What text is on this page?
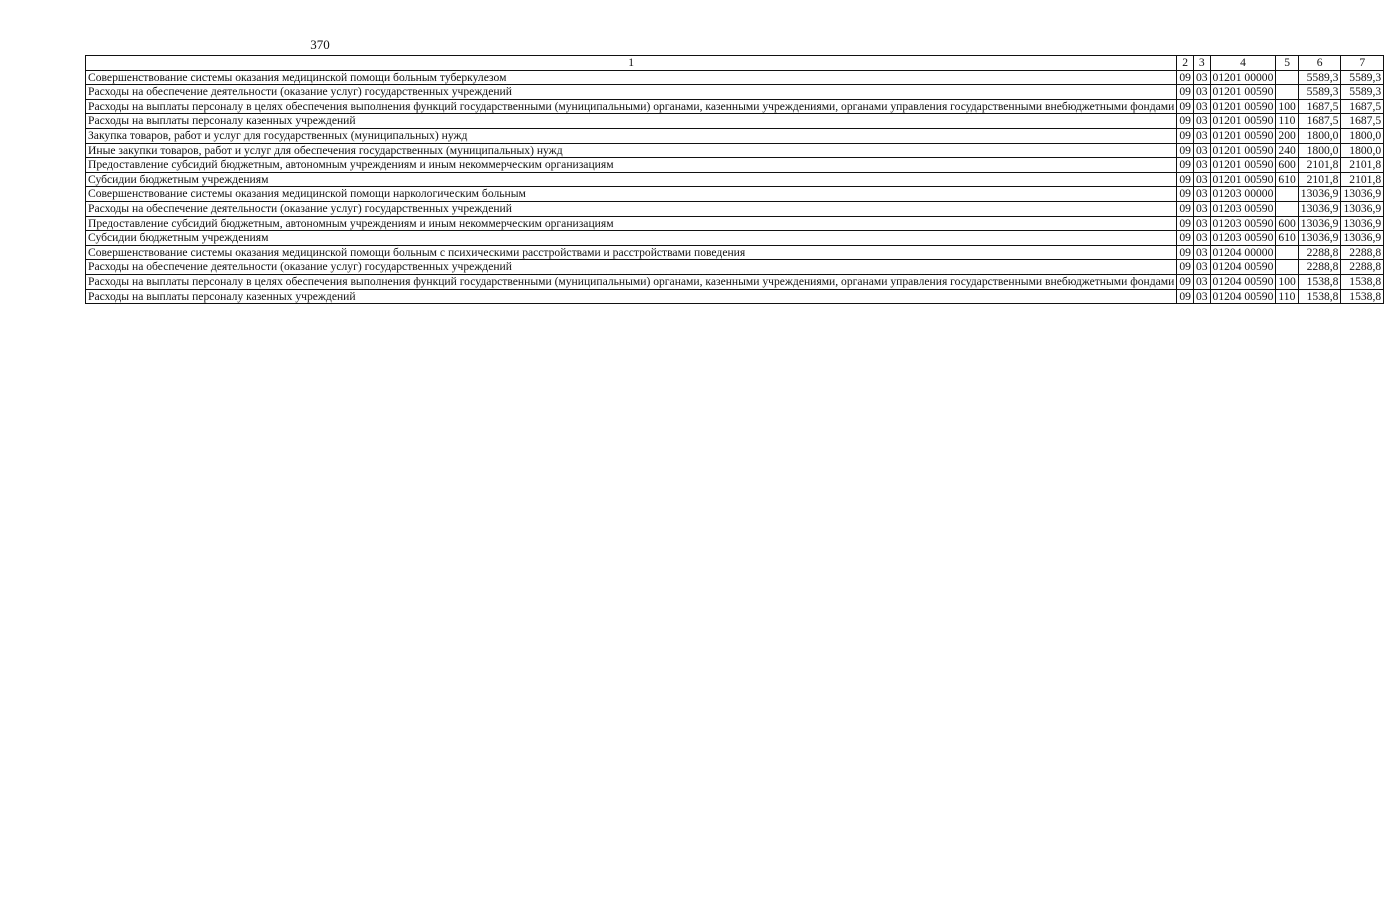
370
1	2	3	4	5	6	7
Совершенствование системы оказания медицинской помощи больным туберкулезом	09	03	01201 00000		5589,3	5589,3
Расходы на обеспечение деятельности (оказание услуг) государственных учреждений	09	03	01201 00590		5589,3	5589,3
Расходы на выплаты персоналу в целях обеспечения выполнения функций государственными (муниципальными) органами, казенными учреждениями, органами управления государственными внебюджетными фондами	09	03	01201 00590	100	1687,5	1687,5
Расходы на выплаты персоналу казенных учреждений	09	03	01201 00590	110	1687,5	1687,5
Закупка товаров, работ и услуг для государственных (муниципальных) нужд	09	03	01201 00590	200	1800,0	1800,0
Иные закупки товаров, работ и услуг для обеспечения государственных (муниципальных) нужд	09	03	01201 00590	240	1800,0	1800,0
Предоставление субсидий бюджетным, автономным учреждениям и иным некоммерческим организациям	09	03	01201 00590	600	2101,8	2101,8
Субсидии бюджетным учреждениям	09	03	01201 00590	610	2101,8	2101,8
Совершенствование системы оказания медицинской помощи наркологическим больным	09	03	01203 00000		13036,9	13036,9
Расходы на обеспечение деятельности (оказание услуг) государственных учреждений	09	03	01203 00590		13036,9	13036,9
Предоставление субсидий бюджетным, автономным учреждениям и иным некоммерческим организациям	09	03	01203 00590	600	13036,9	13036,9
Субсидии бюджетным учреждениям	09	03	01203 00590	610	13036,9	13036,9
Совершенствование системы оказания медицинской помощи больным с психическими расстройствами и расстройствами поведения	09	03	01204 00000		2288,8	2288,8
Расходы на обеспечение деятельности (оказание услуг) государственных учреждений	09	03	01204 00590		2288,8	2288,8
Расходы на выплаты персоналу в целях обеспечения выполнения функций государственными (муниципальными) органами, казенными учреждениями, органами управления государственными внебюджетными фондами	09	03	01204 00590	100	1538,8	1538,8
Расходы на выплаты персоналу казенных учреждений	09	03	01204 00590	110	1538,8	1538,8
